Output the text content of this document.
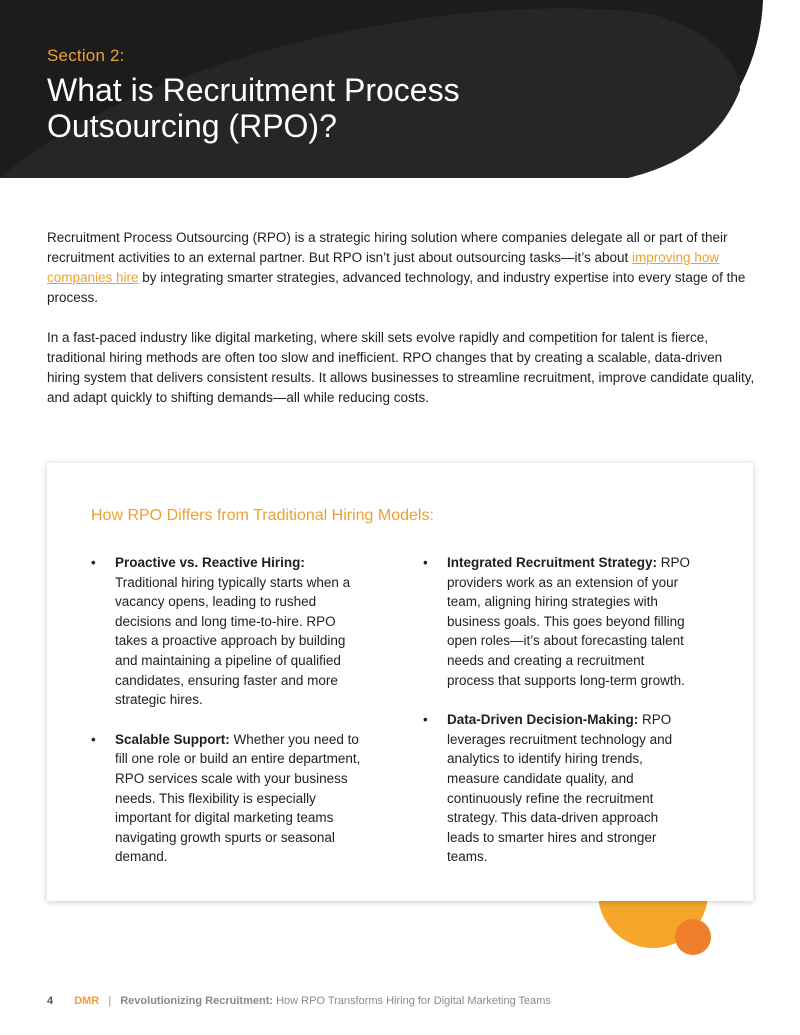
Section 2:
What is Recruitment Process Outsourcing (RPO)?

Recruitment Process Outsourcing (RPO) is a strategic hiring solution where companies delegate all or part of their recruitment activities to an external partner. But RPO isn’t just about outsourcing tasks—it’s about improving how companies hire by integrating smarter strategies, advanced technology, and industry expertise into every stage of the process.

In a fast-paced industry like digital marketing, where skill sets evolve rapidly and competition for talent is fierce, traditional hiring methods are often too slow and inefficient. RPO changes that by creating a scalable, data-driven hiring system that delivers consistent results. It allows businesses to streamline recruitment, improve candidate quality, and adapt quickly to shifting demands—all while reducing costs.

How RPO Differs from Traditional Hiring Models:
• Proactive vs. Reactive Hiring: Traditional hiring typically starts when a vacancy opens, leading to rushed decisions and long time-to-hire. RPO takes a proactive approach by building and maintaining a pipeline of qualified candidates, ensuring faster and more strategic hires.
• Scalable Support: Whether you need to fill one role or build an entire department, RPO services scale with your business needs. This flexibility is especially important for digital marketing teams navigating growth spurts or seasonal demand.
• Integrated Recruitment Strategy: RPO providers work as an extension of your team, aligning hiring strategies with business goals. This goes beyond filling open roles—it’s about forecasting talent needs and creating a recruitment process that supports long-term growth.
• Data-Driven Decision-Making: RPO leverages recruitment technology and analytics to identify hiring trends, measure candidate quality, and continuously refine the recruitment strategy. This data-driven approach leads to smarter hires and stronger teams.
4 DMR | Revolutionizing Recruitment: How RPO Transforms Hiring for Digital Marketing Teams
